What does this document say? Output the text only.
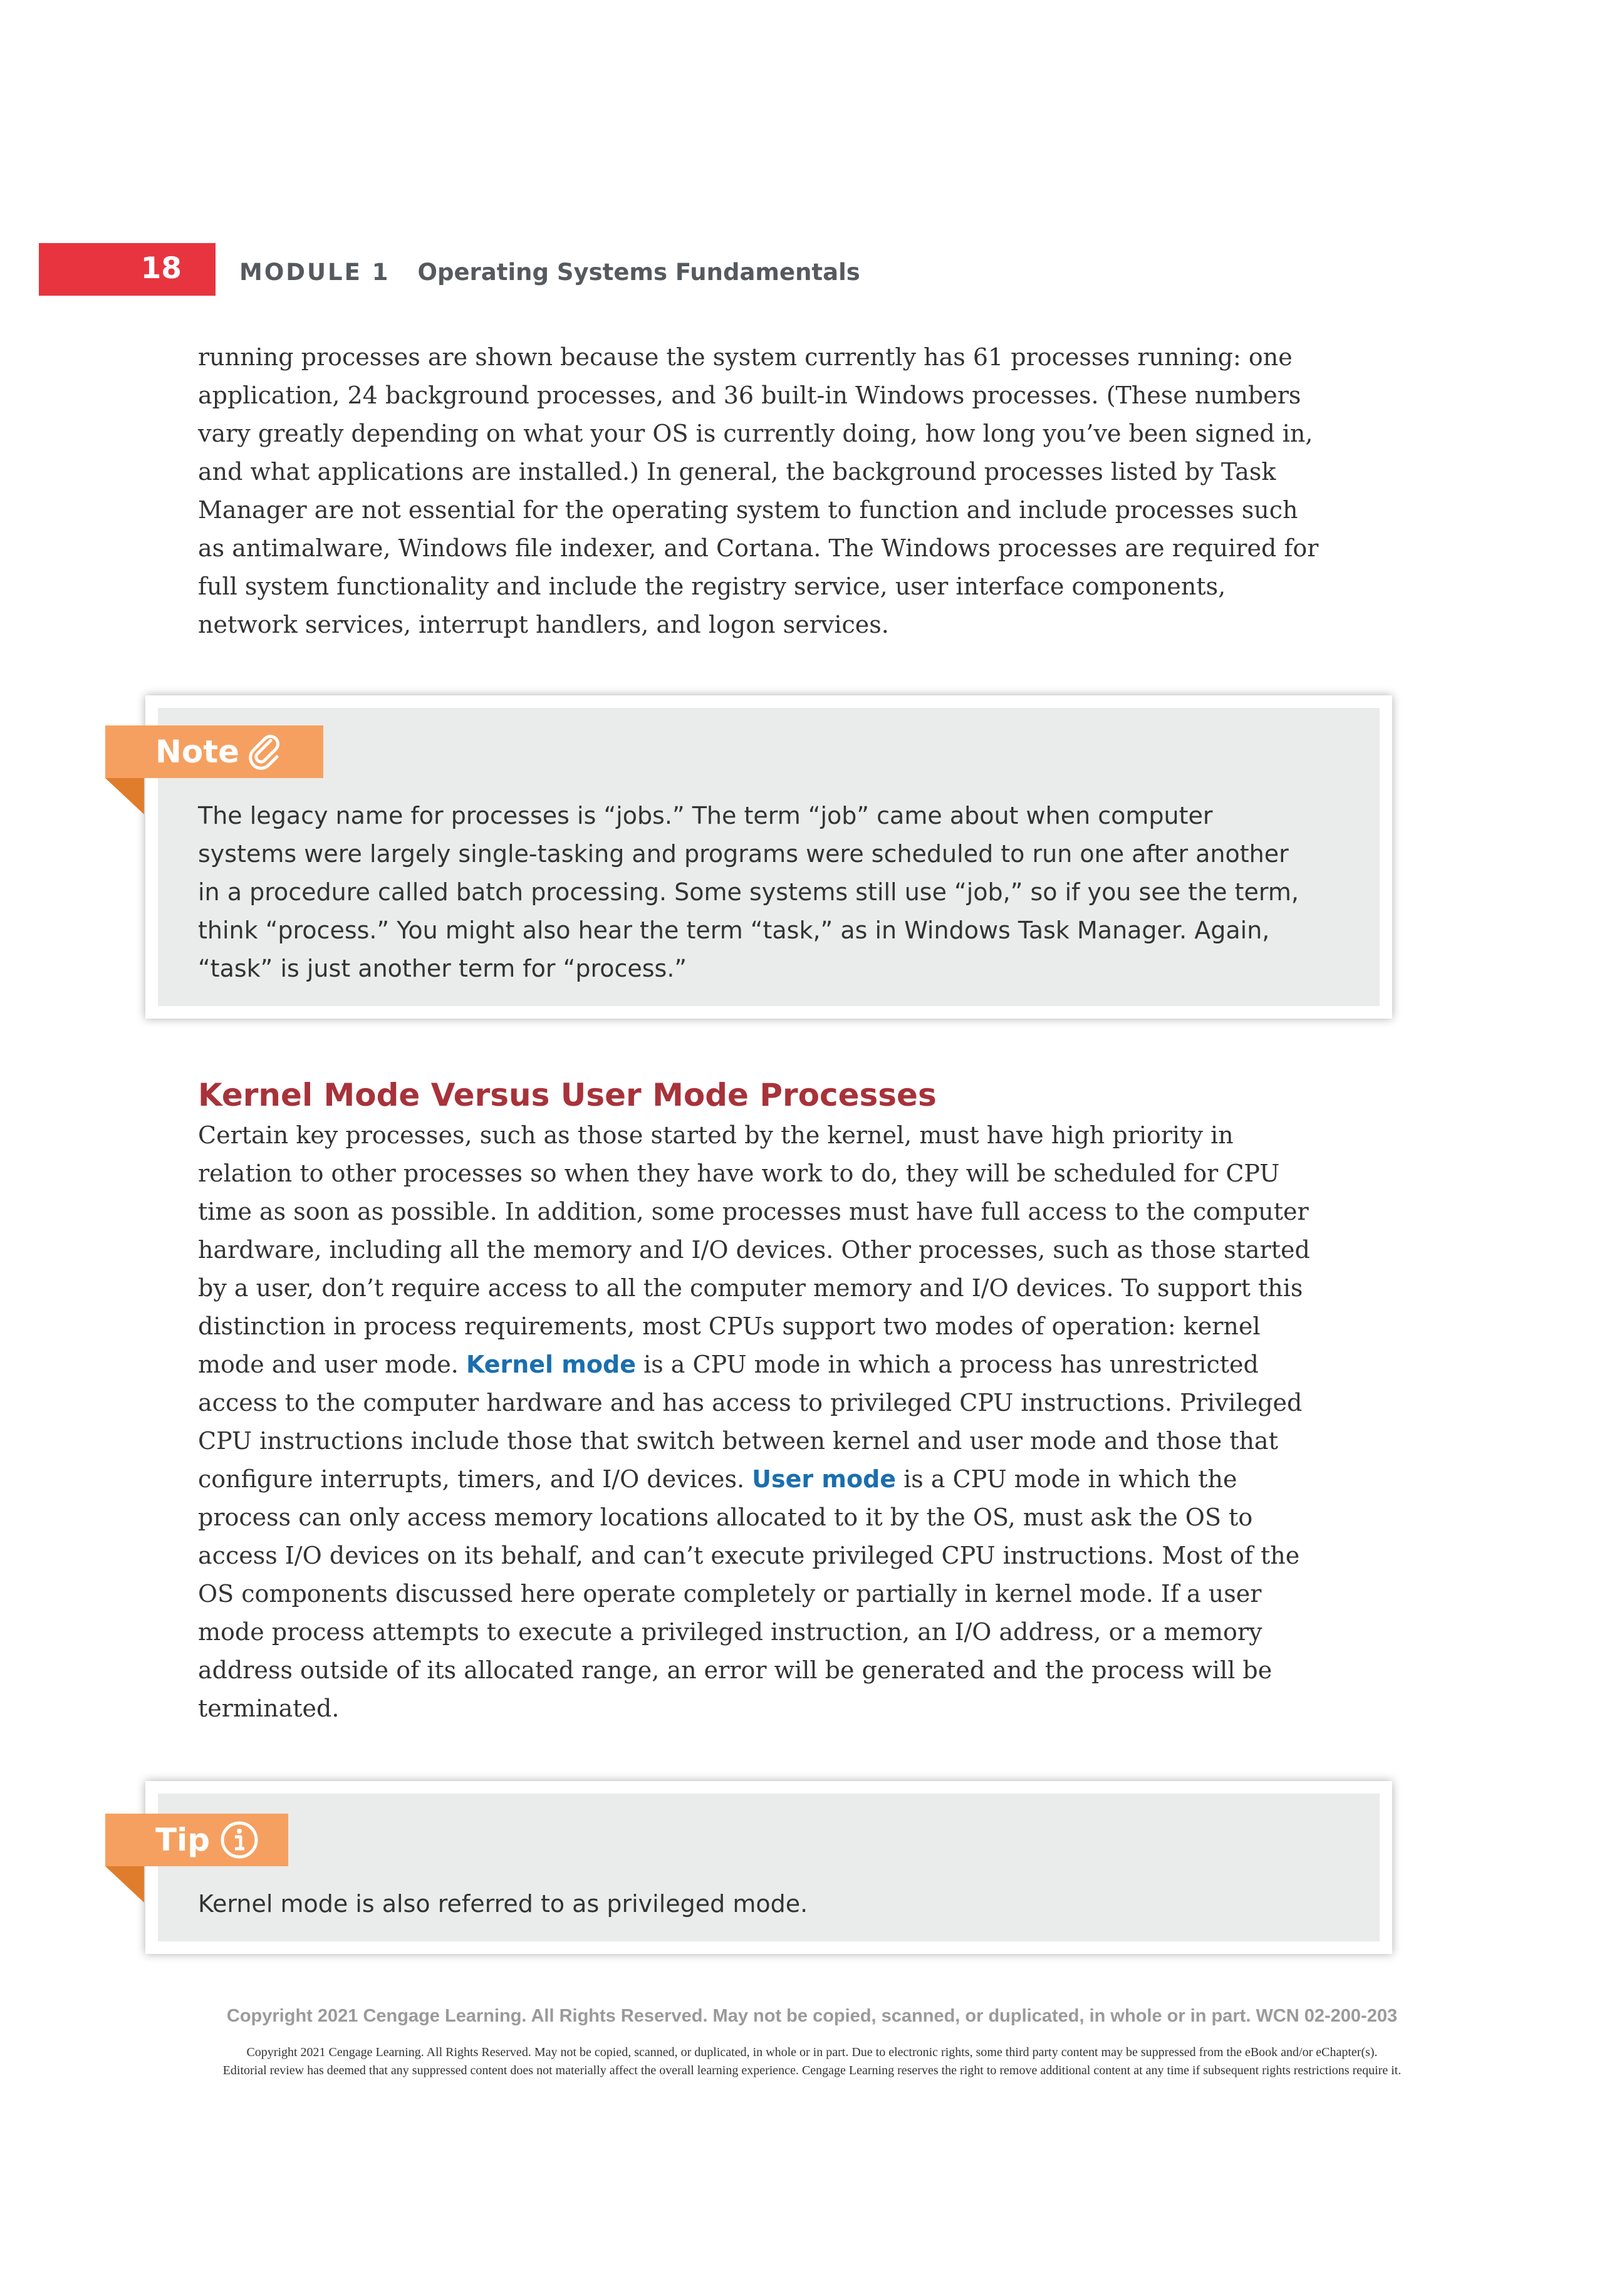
18 MODULE 1 Operating Systems Fundamentals

running processes are shown because the system currently has 61 processes running: one application, 24 background processes, and 36 built-in Windows processes. (These numbers vary greatly depending on what your OS is currently doing, how long you’ve been signed in, and what applications are installed.) In general, the background processes listed by Task Manager are not essential for the operating system to function and include processes such as antimalware, Windows file indexer, and Cortana. The Windows processes are required for full system functionality and include the registry service, user interface components, network services, interrupt handlers, and logon services.

Note
The legacy name for processes is “jobs.” The term “job” came about when computer systems were largely single-tasking and programs were scheduled to run one after another in a procedure called batch processing. Some systems still use “job,” so if you see the term, think “process.” You might also hear the term “task,” as in Windows Task Manager. Again, “task” is just another term for “process.”
Kernel Mode Versus User Mode Processes

Certain key processes, such as those started by the kernel, must have high priority in relation to other processes so when they have work to do, they will be scheduled for CPU time as soon as possible. In addition, some processes must have full access to the computer hardware, including all the memory and I/O devices. Other processes, such as those started by a user, don’t require access to all the computer memory and I/O devices. To support this distinction in process requirements, most CPUs support two modes of operation: kernel mode and user mode. Kernel mode is a CPU mode in which a process has unrestricted access to the computer hardware and has access to privileged CPU instructions. Privileged CPU instructions include those that switch between kernel and user mode and those that configure interrupts, timers, and I/O devices. User mode is a CPU mode in which the process can only access memory locations allocated to it by the OS, must ask the OS to access I/O devices on its behalf, and can’t execute privileged CPU instructions. Most of the OS components discussed here operate completely or partially in kernel mode. If a user mode process attempts to execute a privileged instruction, an I/O address, or a memory address outside of its allocated range, an error will be generated and the process will be terminated.

Tip
Kernel mode is also referred to as privileged mode.
Copyright 2021 Cengage Learning. All Rights Reserved. May not be copied, scanned, or duplicated, in whole or in part. WCN 02-200-203
Copyright 2021 Cengage Learning. All Rights Reserved. May not be copied, scanned, or duplicated, in whole or in part. Due to electronic rights, some third party content may be suppressed from the eBook and/or eChapter(s).
Editorial review has deemed that any suppressed content does not materially affect the overall learning experience. Cengage Learning reserves the right to remove additional content at any time if subsequent rights restrictions require it.
